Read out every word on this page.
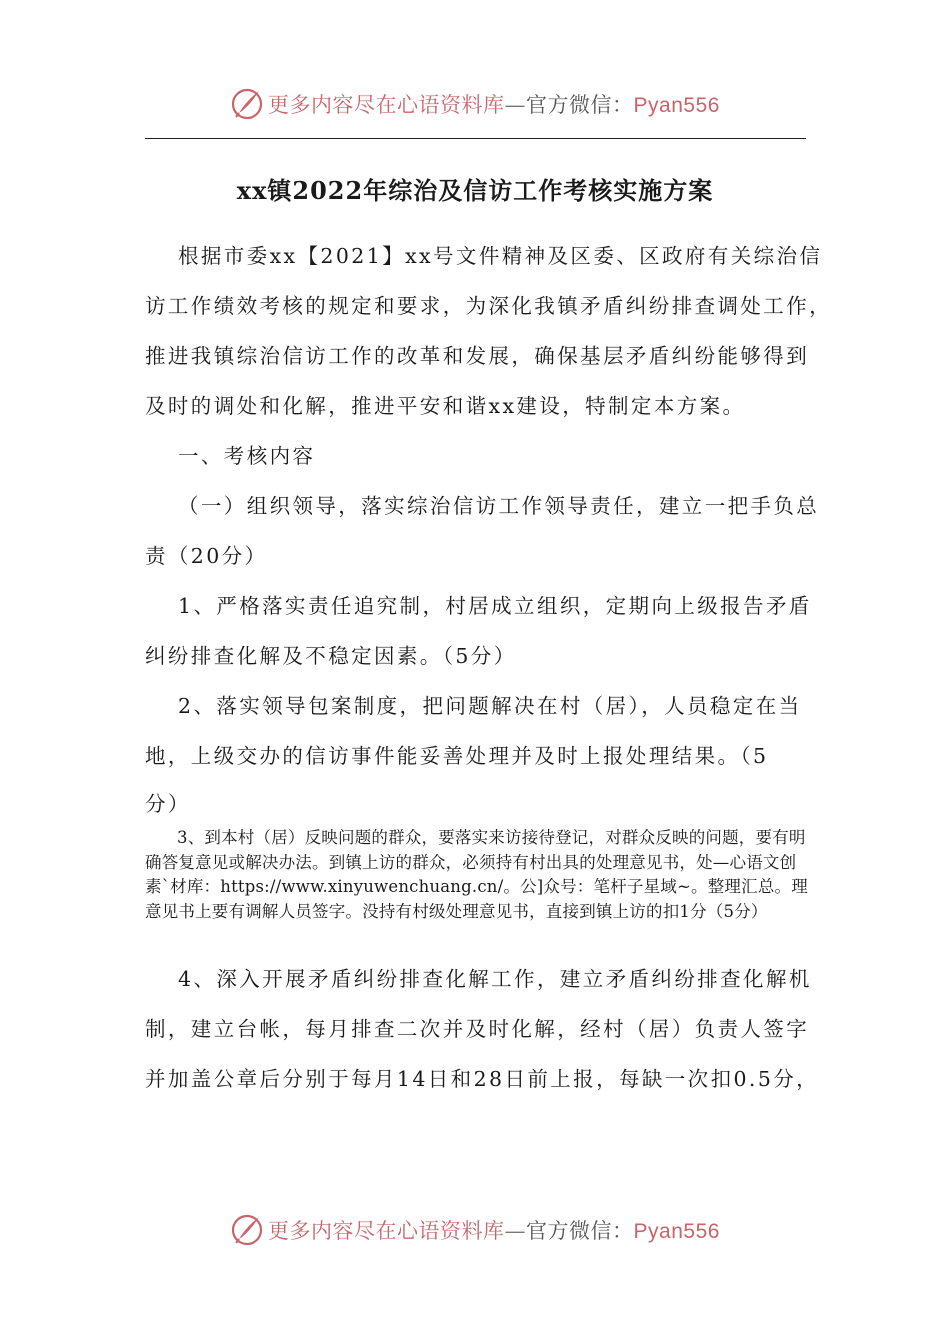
更多内容尽在心语资料库—官方微信：Pyan556
xx镇2022年综治及信访工作考核实施方案
根据市委xx【2021】xx号文件精神及区委、区政府有关综治信
访工作绩效考核的规定和要求，为深化我镇矛盾纠纷排查调处工作，
推进我镇综治信访工作的改革和发展，确保基层矛盾纠纷能够得到
及时的调处和化解，推进平安和谐xx建设，特制定本方案。
一、考核内容
（一）组织领导，落实综治信访工作领导责任，建立一把手负总
责（20分）
1、严格落实责任追究制，村居成立组织，定期向上级报告矛盾
纠纷排查化解及不稳定因素。（5分）
2、落实领导包案制度，把问题解决在村（居），人员稳定在当
地，上级交办的信访事件能妥善处理并及时上报处理结果。（5
分）
3、到本村（居）反映问题的群众，要落实来访接待登记，对群众反映的问题，要有明确答复意见或解决办法。到镇上访的群众，必须持有村出具的处理意见书，处—心语文创素`材库：https://www.xinyuwenchuang.cn/。公]众号：笔杆子星域~。整理汇总。理意见书上要有调解人员签字。没持有村级处理意见书，直接到镇上访的扣1分（5分）
4、深入开展矛盾纠纷排查化解工作，建立矛盾纠纷排查化解机
制，建立台帐，每月排查二次并及时化解，经村（居）负责人签字
并加盖公章后分别于每月14日和28日前上报，每缺一次扣0.5分，
更多内容尽在心语资料库—官方微信：Pyan556
